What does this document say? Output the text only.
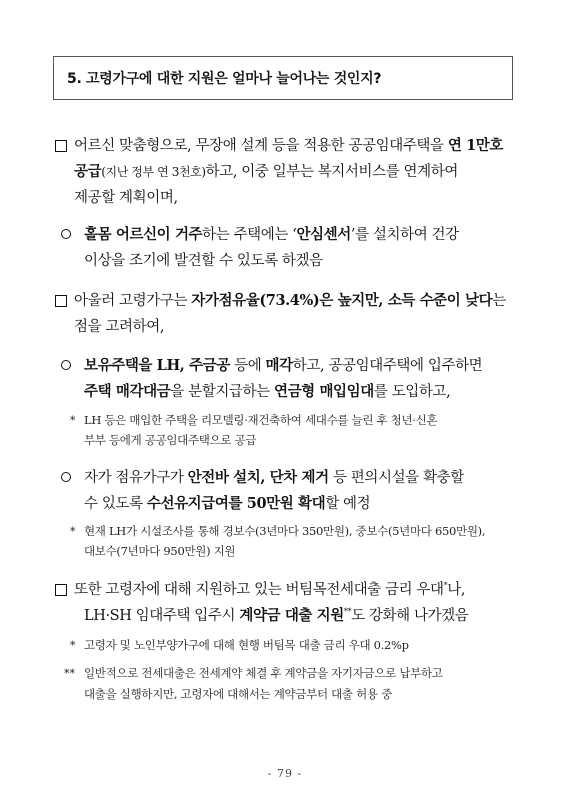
5. 고령가구에 대한 지원은 얼마나 늘어나는 것인지?
어르신 맞춤형으로, 무장애 설계 등을 적용한 공공임대주택을 연 1만호
공급(지난 정부 연 3천호)하고, 이중 일부는 복지서비스를 연계하여
제공할 계획이며,
홀몸 어르신이 거주하는 주택에는 ‘안심센서’를 설치하여 건강
이상을 조기에 발견할 수 있도록 하겠음
아울러 고령가구는 자가점유율(73.4%)은 높지만, 소득 수준이 낮다는
점을 고려하여,
보유주택을 LH, 주금공 등에 매각하고, 공공임대주택에 입주하면
주택 매각대금을 분할지급하는 연금형 매입임대를 도입하고,
* LH 등은 매입한 주택을 리모델링·재건축하여 세대수를 늘린 후 청년·신혼
부부 등에게 공공임대주택으로 공급
자가 점유가구가 안전바 설치, 단차 제거 등 편의시설을 확충할
수 있도록 수선유지급여를 50만원 확대할 예정
* 현재 LH가 시설조사를 통해 경보수(3년마다 350만원), 중보수(5년마다 650만원),
대보수(7년마다 950만원) 지원
또한 고령자에 대해 지원하고 있는 버팀목전세대출 금리 우대*나,
LH·SH 임대주택 입주시 계약금 대출 지원**도 강화해 나가겠음
* 고령자 및 노인부양가구에 대해 현행 버팀목 대출 금리 우대 0.2%p
** 일반적으로 전세대출은 전세계약 체결 후 계약금을 자기자금으로 납부하고
대출을 실행하지만, 고령자에 대해서는 계약금부터 대출 허용 중
- 79 -
